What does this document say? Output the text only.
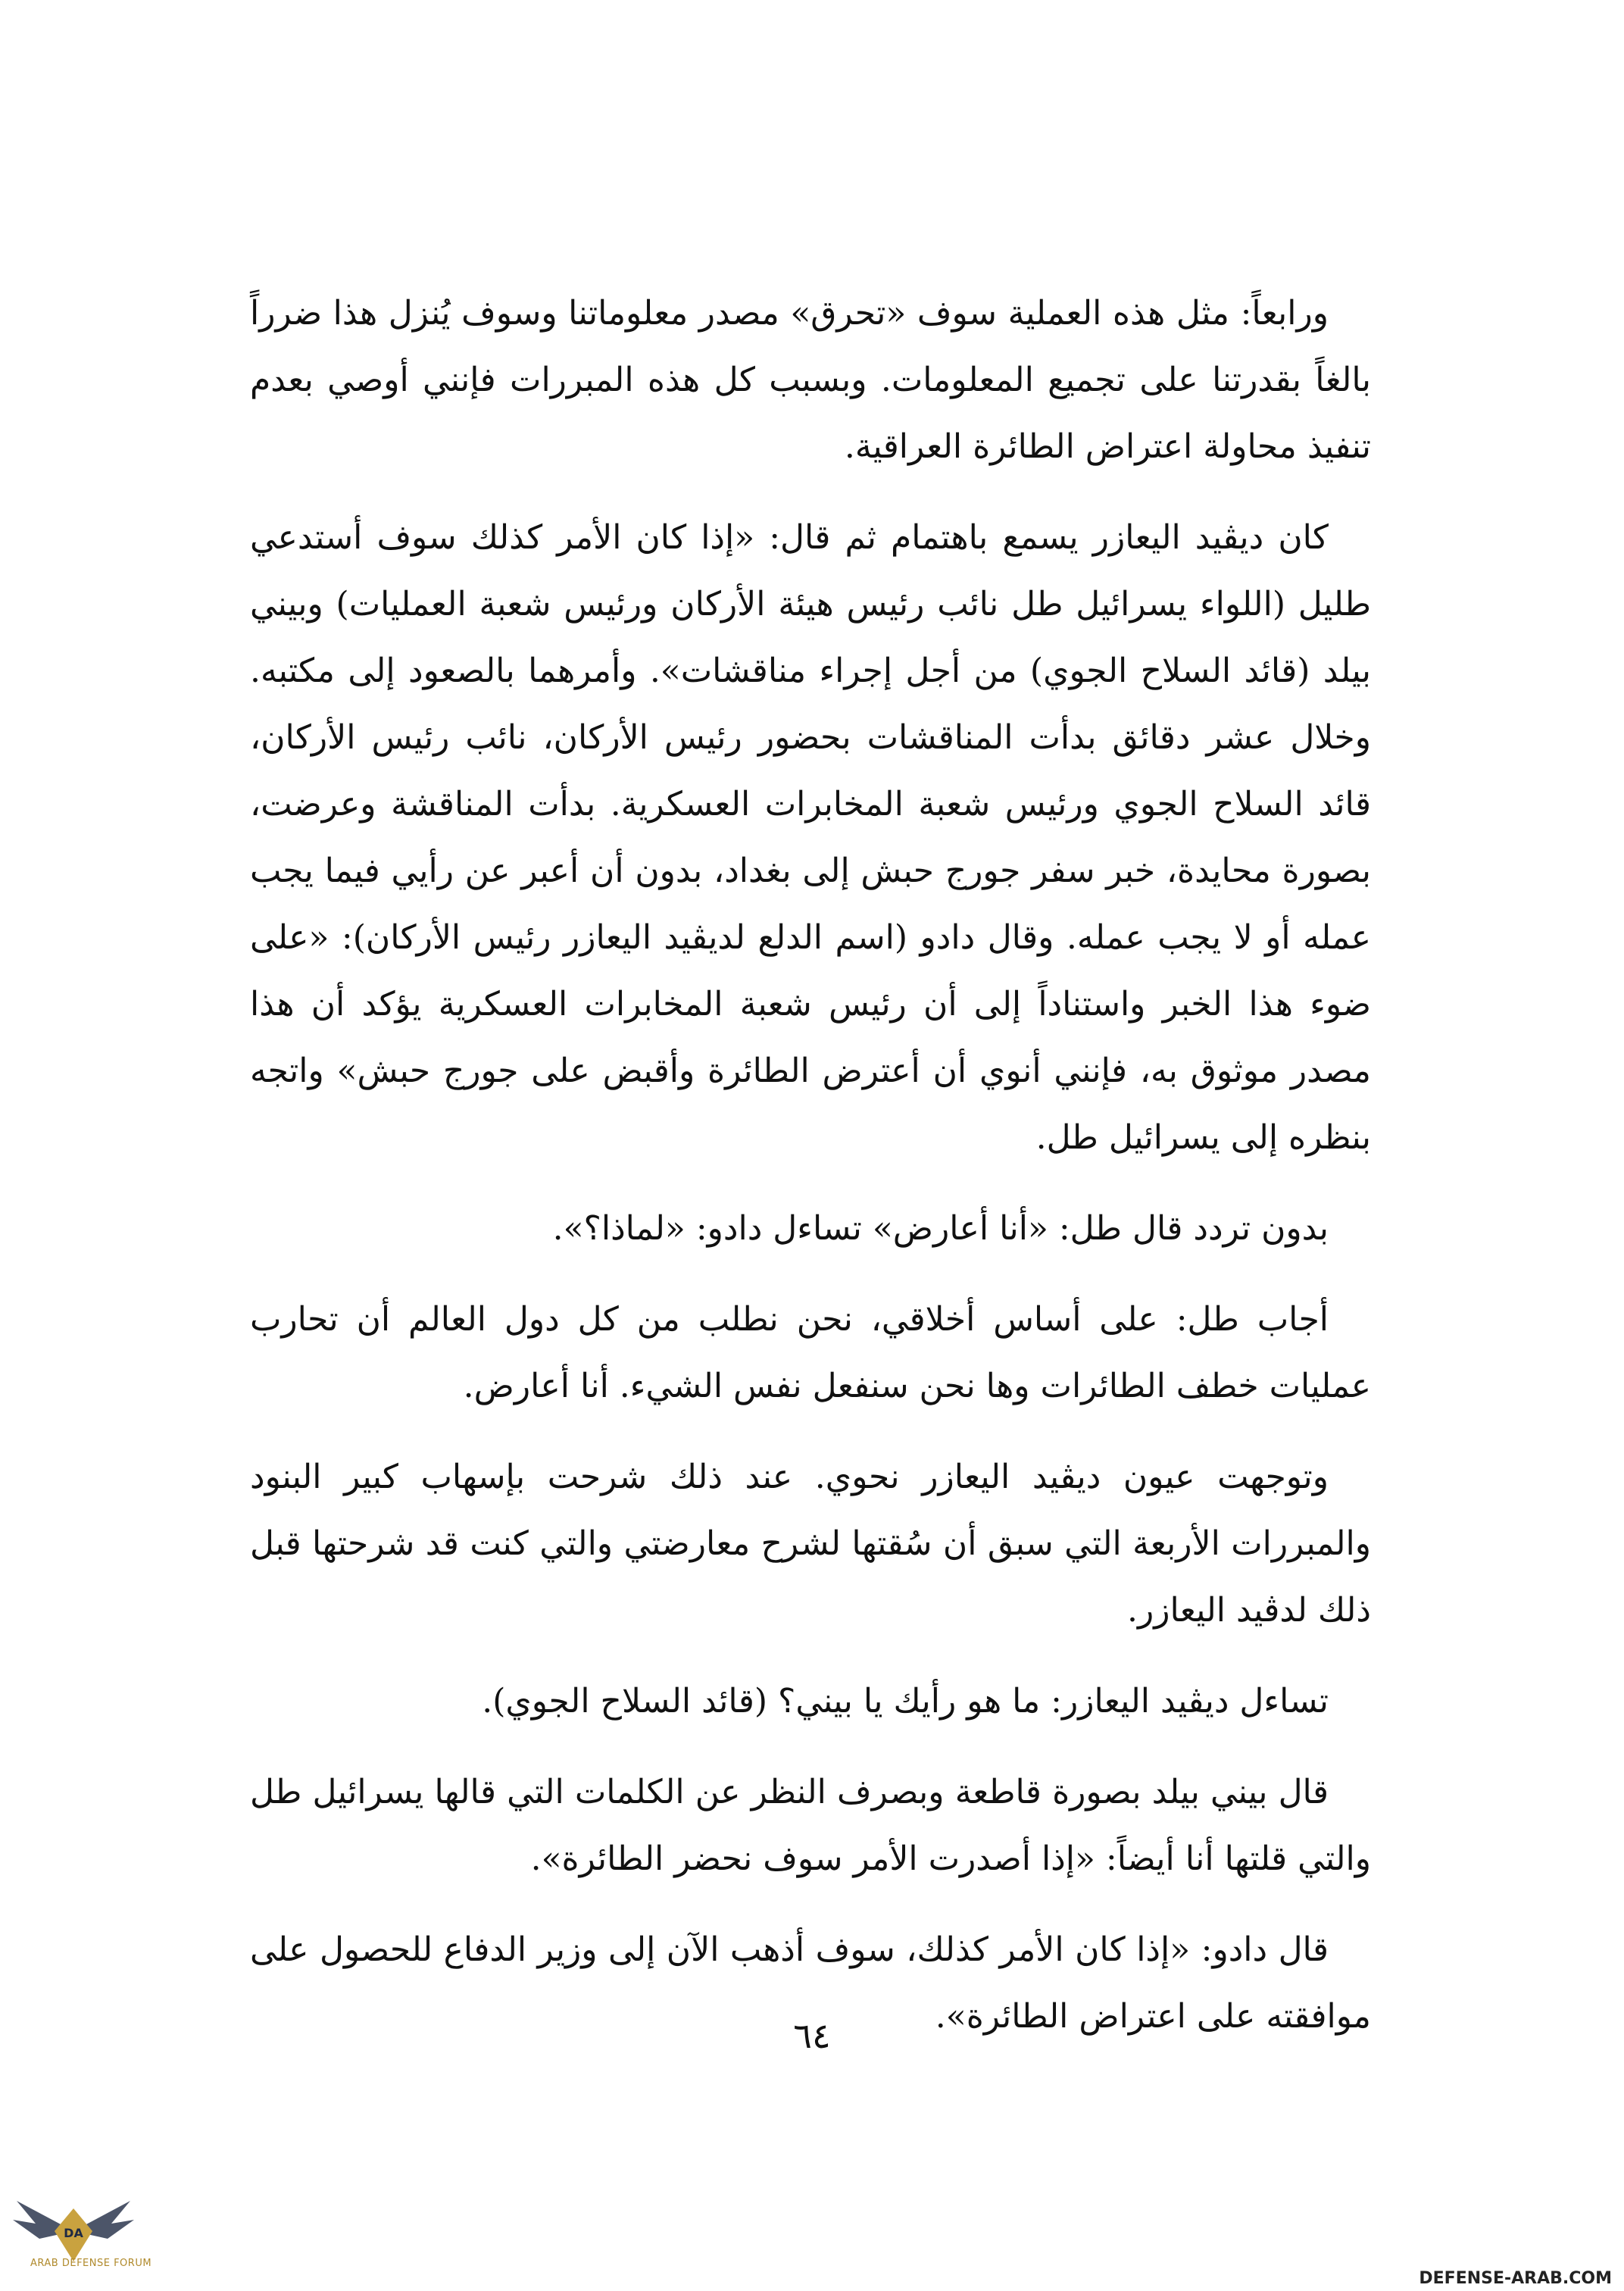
ورابعاً: مثل هذه العملية سوف «تحرق» مصدر معلوماتنا وسوف يُنزل هذا ضرراً بالغاً بقدرتنا على تجميع المعلومات. وبسبب كل هذه المبررات فإنني أوصي بعدم تنفيذ محاولة اعتراض الطائرة العراقية.

كان ديڤيد اليعازر يسمع باهتمام ثم قال: «إذا كان الأمر كذلك سوف أستدعي طليل (اللواء يسرائيل طل نائب رئيس هيئة الأركان ورئيس شعبة العمليات) وبيني بيلد (قائد السلاح الجوي) من أجل إجراء مناقشات». وأمرهما بالصعود إلى مكتبه. وخلال عشر دقائق بدأت المناقشات بحضور رئيس الأركان، نائب رئيس الأركان، قائد السلاح الجوي ورئيس شعبة المخابرات العسكرية. بدأت المناقشة وعرضت، بصورة محايدة، خبر سفر جورج حبش إلى بغداد، بدون أن أعبر عن رأيي فيما يجب عمله أو لا يجب عمله. وقال دادو (اسم الدلع لديڤيد اليعازر رئيس الأركان): «على ضوء هذا الخبر واستناداً إلى أن رئيس شعبة المخابرات العسكرية يؤكد أن هذا مصدر موثوق به، فإنني أنوي أن أعترض الطائرة وأقبض على جورج حبش» واتجه بنظره إلى يسرائيل طل.

بدون تردد قال طل: «أنا أعارض» تساءل دادو: «لماذا؟».

أجاب طل: على أساس أخلاقي، نحن نطلب من كل دول العالم أن تحارب عمليات خطف الطائرات وها نحن سنفعل نفس الشيء. أنا أعارض.

وتوجهت عيون ديڤيد اليعازر نحوي. عند ذلك شرحت بإسهاب كبير البنود والمبررات الأربعة التي سبق أن سُقتها لشرح معارضتي والتي كنت قد شرحتها قبل ذلك لدڤيد اليعازر.

تساءل ديڤيد اليعازر: ما هو رأيك يا بيني؟ (قائد السلاح الجوي).

قال بيني بيلد بصورة قاطعة وبصرف النظر عن الكلمات التي قالها يسرائيل طل والتي قلتها أنا أيضاً: «إذا أصدرت الأمر سوف نحضر الطائرة».

قال دادو: «إذا كان الأمر كذلك، سوف أذهب الآن إلى وزير الدفاع للحصول على موافقته على اعتراض الطائرة».

٦٤
DA
ARAB DEFENSE FORUM
DEFENSE-ARAB.COM
